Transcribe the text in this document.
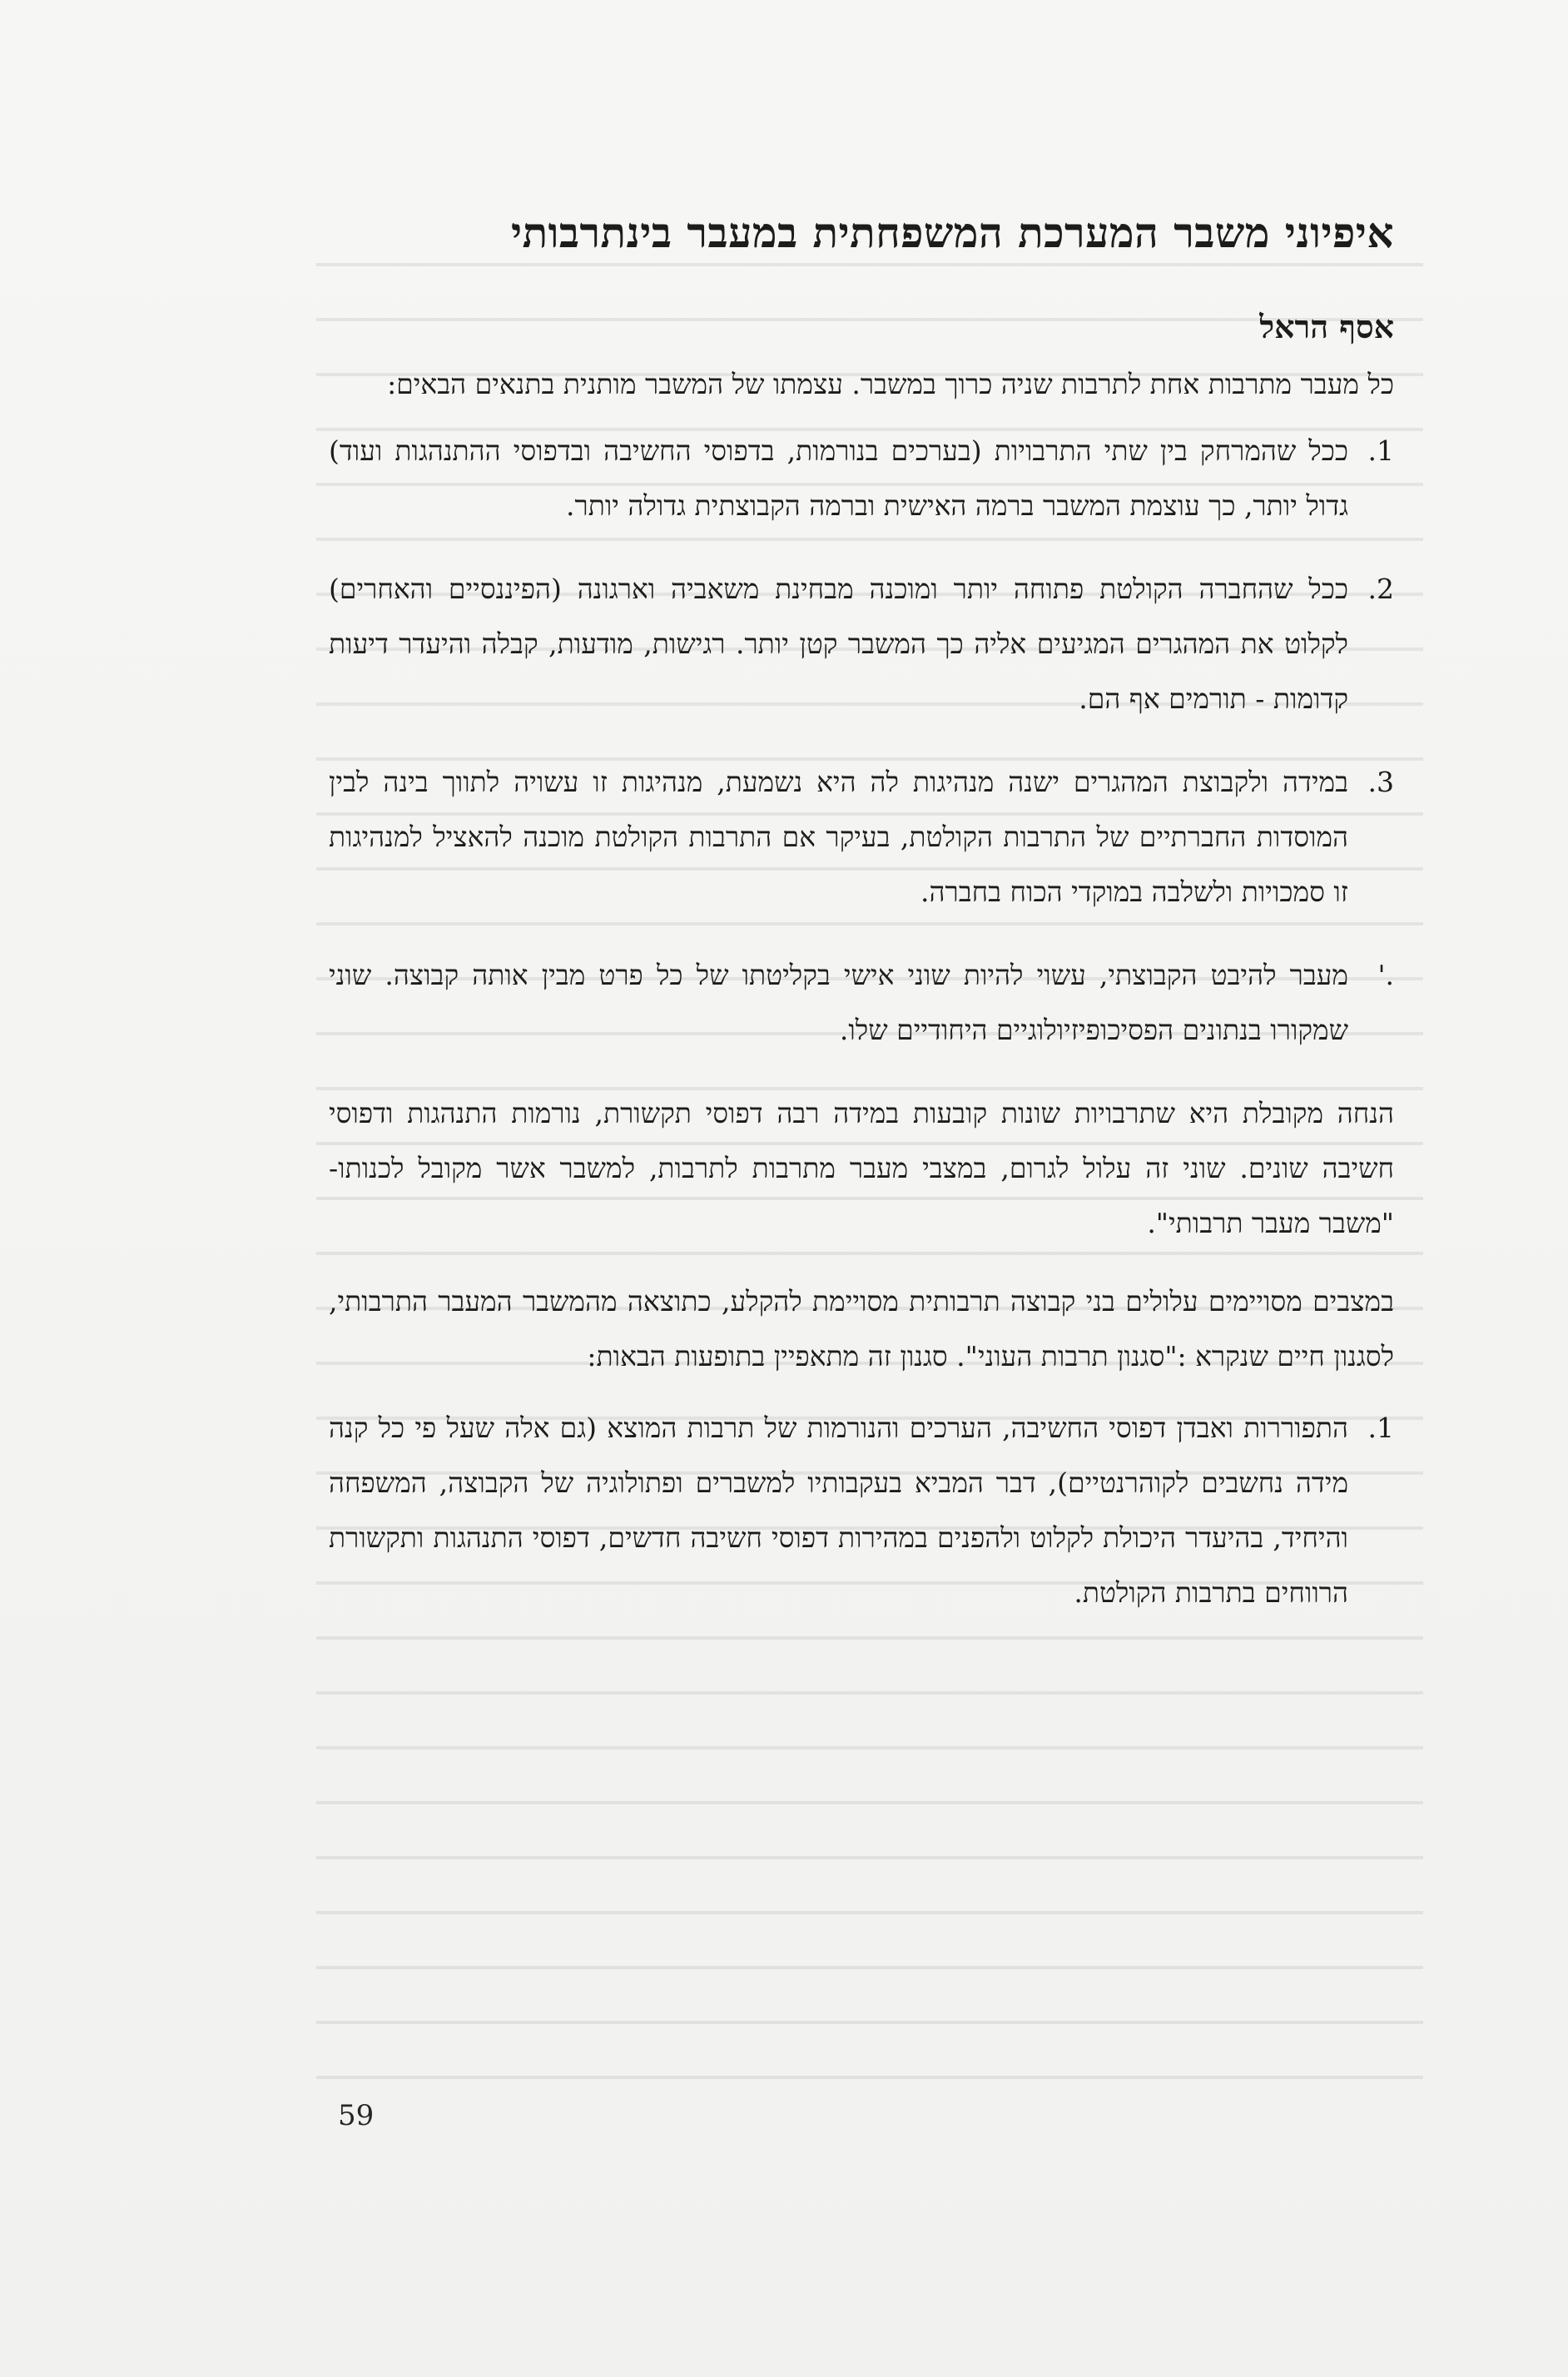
איפיוני משבר המערכת המשפחתית במעבר בינתרבותי
אסף הראל

כל מעבר מתרבות אחת לתרבות שניה כרוך במשבר. עצמתו של המשבר מותנית בתנאים הבאים:

1.
ככל שהמרחק בין שתי התרבויות (בערכים בנורמות, בדפוסי החשיבה ובדפוסי ההתנהגות ועוד) גדול יותר, כך עוצמת המשבר ברמה האישית וברמה הקבוצתית גדולה יותר.
2.
ככל שהחברה הקולטת פתוחה יותר ומוכנה מבחינת משאביה וארגונה (הפיננסיים והאחרים) לקלוט את המהגרים המגיעים אליה כך המשבר קטן יותר. רגישות, מודעות, קבלה והיעדר דיעות קדומות - תורמים אף הם.
3.
במידה ולקבוצת המהגרים ישנה מנהיגות לה היא נשמעת, מנהיגות זו עשויה לתווך בינה לבין המוסדות החברתיים של התרבות הקולטת, בעיקר אם התרבות הקולטת מוכנה להאציל למנהיגות זו סמכויות ולשלבה במוקדי הכוח בחברה.
.'
מעבר להיבט הקבוצתי, עשוי להיות שוני אישי בקליטתו של כל פרט מבין אותה קבוצה. שוני שמקורו בנתונים הפסיכופיזיולוגיים היחודיים שלו.

הנחה מקובלת היא שתרבויות שונות קובעות במידה רבה דפוסי תקשורת, נורמות התנהגות ודפוסי חשיבה שונים. שוני זה עלול לגרום, במצבי מעבר מתרבות לתרבות, למשבר אשר מקובל לכנותו-"משבר מעבר תרבותי".

במצבים מסויימים עלולים בני קבוצה תרבותית מסויימת להקלע, כתוצאה מהמשבר המעבר התרבותי, לסגנון חיים שנקרא :"סגנון תרבות העוני". סגנון זה מתאפיין בתופעות הבאות:

1.
התפוררות ואבדן דפוסי החשיבה, הערכים והנורמות של תרבות המוצא (גם אלה שעל פי כל קנה מידה נחשבים לקוהרנטיים), דבר המביא בעקבותיו למשברים ופתולוגיה של הקבוצה, המשפחה והיחיד, בהיעדר היכולת לקלוט ולהפנים במהירות דפוסי חשיבה חדשים, דפוסי התנהגות ותקשורת הרווחים בתרבות הקולטת.
59
